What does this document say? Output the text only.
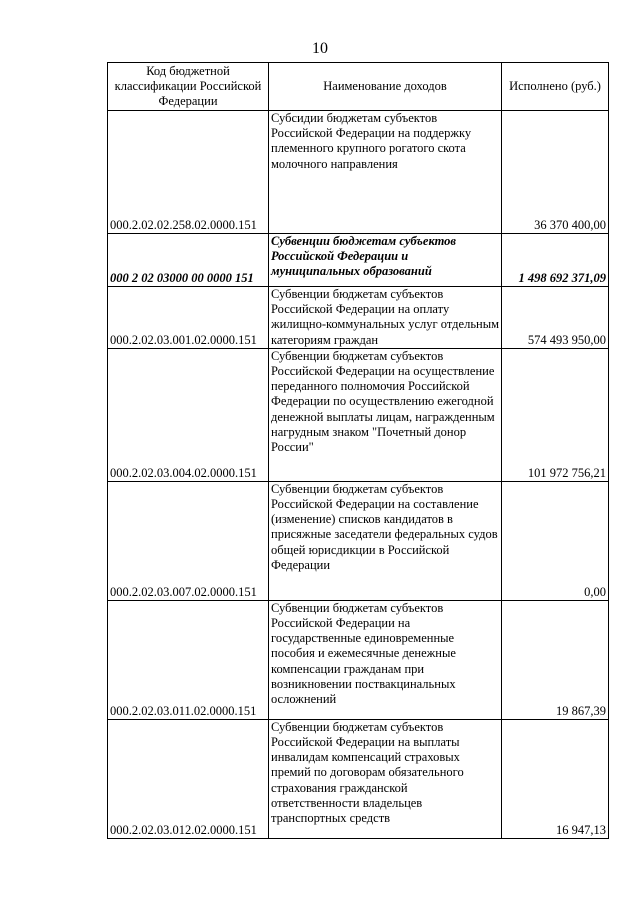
10
Код бюджетной классификации Российской Федерации	Наименование доходов	Исполнено (руб.)
000.2.02.02.258.02.0000.151	Субсидии бюджетам субъектов Российской Федерации на поддержку племенного крупного рогатого скота молочного направления	36 370 400,00
000 2 02 03000 00 0000 151	Субвенции бюджетам субъектов Российской Федерации и муниципальных образований	1 498 692 371,09
000.2.02.03.001.02.0000.151	Субвенции бюджетам субъектов Российской Федерации на оплату жилищно-коммунальных услуг отдельным категориям граждан	574 493 950,00
000.2.02.03.004.02.0000.151	Субвенции бюджетам субъектов Российской Федерации на осуществление переданного полномочия Российской Федерации по осуществлению ежегодной денежной выплаты лицам, награжденным нагрудным знаком "Почетный донор России"	101 972 756,21
000.2.02.03.007.02.0000.151	Субвенции бюджетам субъектов Российской Федерации на составление (изменение) списков кандидатов в присяжные заседатели федеральных судов общей юрисдикции в Российской Федерации	0,00
000.2.02.03.011.02.0000.151	Субвенции бюджетам субъектов Российской Федерации на государственные единовременные пособия и ежемесячные денежные компенсации гражданам при возникновении поствакцинальных осложнений	19 867,39
000.2.02.03.012.02.0000.151	Субвенции бюджетам субъектов Российской Федерации на выплаты инвалидам компенсаций страховых премий по договорам обязательного страхования гражданской ответственности владельцев транспортных средств	16 947,13
